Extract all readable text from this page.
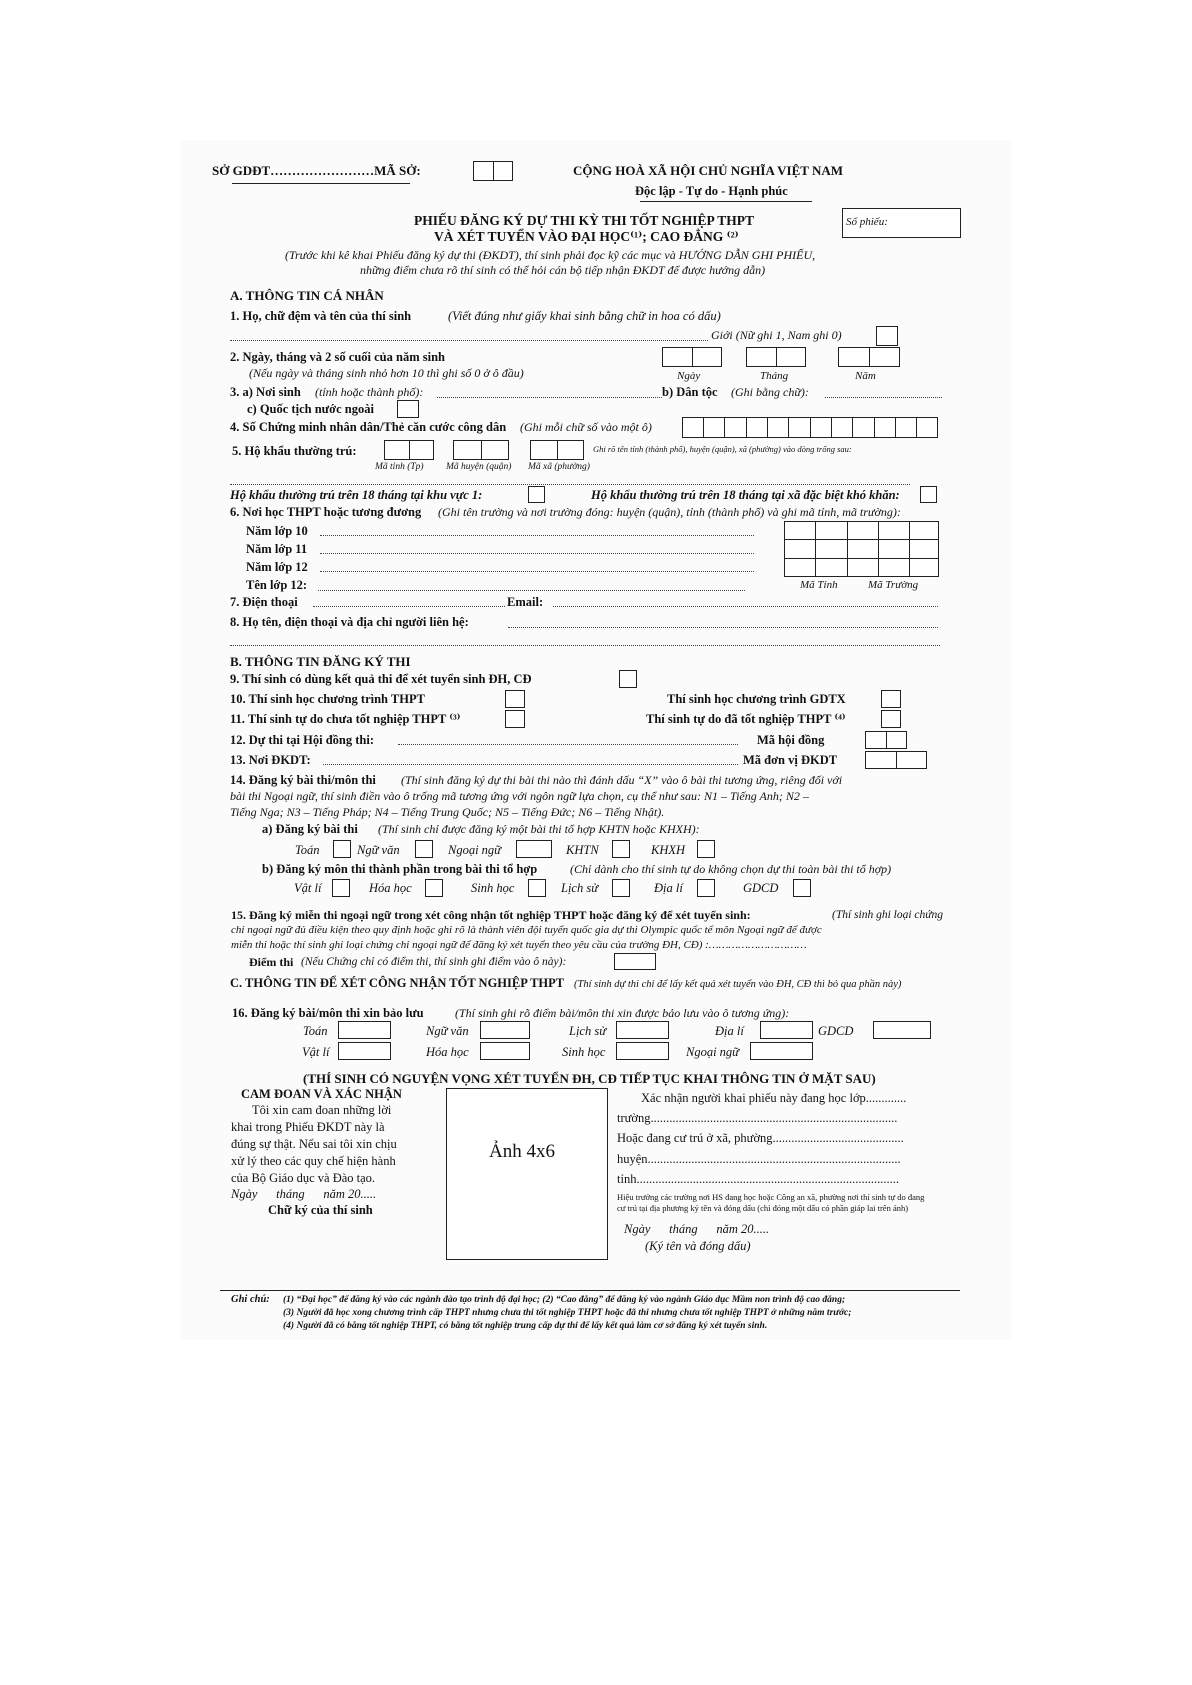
SỞ GDĐT……………………MÃ SỞ:	CỘNG HOÀ XÃ HỘI CHỦ NGHĨA VIỆT NAM
Độc lập - Tự do - Hạnh phúc
PHIẾU ĐĂNG KÝ DỰ THI KỲ THI TỐT NGHIỆP THPT
VÀ XÉT TUYỂN VÀO ĐẠI HỌC⁽¹⁾; CAO ĐẲNG ⁽²⁾
Số phiếu:
(Trước khi kê khai Phiếu đăng ký dự thi (ĐKDT), thí sinh phải đọc kỹ các mục và HƯỚNG DẪN GHI PHIẾU,
những điểm chưa rõ thí sinh có thể hỏi cán bộ tiếp nhận ĐKDT để được hướng dẫn)
A. THÔNG TIN CÁ NHÂN
1. Họ, chữ đệm và tên của thí sinh	(Viết đúng như giấy khai sinh bằng chữ in hoa có dấu)
Giới (Nữ ghi 1, Nam ghi 0)
2. Ngày, tháng và 2 số cuối của năm sinh
(Nếu ngày và tháng sinh nhỏ hơn 10 thì ghi số 0 ở ô đầu)	Ngày	Tháng	Năm
3. a) Nơi sinh (tỉnh hoặc thành phố):	b) Dân tộc (Ghi bằng chữ):
c) Quốc tịch nước ngoài
4. Số Chứng minh nhân dân/Thẻ căn cước công dân (Ghi mỗi chữ số vào một ô)
5. Hộ khẩu thường trú:	Ghi rõ tên tỉnh (thành phố), huyện (quận), xã (phường) vào dòng trống sau:
Mã tỉnh (Tp) Mã huyện (quận) Mã xã (phường)
Hộ khẩu thường trú trên 18 tháng tại khu vực 1:	Hộ khẩu thường trú trên 18 tháng tại xã đặc biệt khó khăn:
6. Nơi học THPT hoặc tương đương (Ghi tên trường và nơi trường đóng: huyện (quận), tỉnh (thành phố) và ghi mã tỉnh, mã trường):
Năm lớp 10
Năm lớp 11
Năm lớp 12
Tên lớp 12:	Mã Tỉnh	Mã Trường
7. Điện thoại	Email:
8. Họ tên, điện thoại và địa chỉ người liên hệ:
B. THÔNG TIN ĐĂNG KÝ THI
9. Thí sinh có dùng kết quả thi để xét tuyển sinh ĐH, CĐ
10. Thí sinh học chương trình THPT	Thí sinh học chương trình GDTX
11. Thí sinh tự do chưa tốt nghiệp THPT ⁽³⁾	Thí sinh tự do đã tốt nghiệp THPT ⁽⁴⁾
12. Dự thi tại Hội đồng thi:	Mã hội đồng
13. Nơi ĐKDT:	Mã đơn vị ĐKDT
14. Đăng ký bài thi/môn thi (Thí sinh đăng ký dự thi bài thi nào thì đánh dấu “X” vào ô bài thi tương ứng, riêng đối với
bài thi Ngoại ngữ, thí sinh điền vào ô trống mã tương ứng với ngôn ngữ lựa chọn, cụ thể như sau: N1 – Tiếng Anh; N2 –
Tiếng Nga; N3 – Tiếng Pháp; N4 – Tiếng Trung Quốc; N5 – Tiếng Đức; N6 – Tiếng Nhật).
a) Đăng ký bài thi (Thí sinh chỉ được đăng ký một bài thi tổ hợp KHTN hoặc KHXH):
Toán	Ngữ văn	Ngoại ngữ	KHTN	KHXH
b) Đăng ký môn thi thành phần trong bài thi tổ hợp	(Chỉ dành cho thí sinh tự do không chọn dự thi toàn bài thi tổ hợp)
Vật lí	Hóa học	Sinh học	Lịch sử	Địa lí	GDCD
15. Đăng ký miễn thi ngoại ngữ trong xét công nhận tốt nghiệp THPT hoặc đăng ký để xét tuyển sinh:	(Thí sinh ghi loại chứng
chỉ ngoại ngữ đủ điều kiện theo quy định hoặc ghi rõ là thành viên đội tuyển quốc gia dự thi Olympic quốc tế môn Ngoại ngữ để được
miễn thi hoặc thí sinh ghi loại chứng chỉ ngoại ngữ để đăng ký xét tuyển theo yêu cầu của trường ĐH, CĐ) :…………………………
Điểm thi (Nếu Chứng chỉ có điểm thi, thí sinh ghi điểm vào ô này):
C. THÔNG TIN ĐỂ XÉT CÔNG NHẬN TỐT NGHIỆP THPT (Thí sinh dự thi chỉ để lấy kết quả xét tuyển vào ĐH, CĐ thì bỏ qua phần này)
16. Đăng ký bài/môn thi xin bảo lưu	(Thí sinh ghi rõ điểm bài/môn thi xin được bảo lưu vào ô tương ứng):
Toán	Ngữ văn	Lịch sử	Địa lí	GDCD
Vật lí	Hóa học	Sinh học	Ngoại ngữ
(THÍ SINH CÓ NGUYỆN VỌNG XÉT TUYỂN ĐH, CĐ TIẾP TỤC KHAI THÔNG TIN Ở MẶT SAU)
CAM ĐOAN VÀ XÁC NHẬN
Tôi xin cam đoan những lời
khai trong Phiếu ĐKDT này là
đúng sự thật. Nếu sai tôi xin chịu
xử lý theo các quy chế hiện hành
của Bộ Giáo dục và Đào tạo.
Ngày      tháng      năm 20.....
Chữ ký của thí sinh
Ảnh 4x6
Xác nhận người khai phiếu này đang học lớp.............
trường...............................................................................
Hoặc đang cư trú ở xã, phường..........................................
huyện.................................................................................
tỉnh....................................................................................
Hiệu trưởng các trường nơi HS đang học hoặc Công an xã, phường nơi thí sinh tự do đang
cư trú tại địa phương ký tên và đóng dấu (chỉ đóng một dấu có phần giáp lai trên ảnh)
Ngày      tháng      năm 20.....
(Ký tên và đóng dấu)
Ghi chú: (1) “Đại học” để đăng ký vào các ngành đào tạo trình độ đại học; (2) “Cao đẳng” để đăng ký vào ngành Giáo dục Mầm non trình độ cao đẳng;
(3) Người đã học xong chương trình cấp THPT nhưng chưa thi tốt nghiệp THPT hoặc đã thi nhưng chưa tốt nghiệp THPT ở những năm trước;
(4) Người đã có bằng tốt nghiệp THPT, có bằng tốt nghiệp trung cấp dự thi để lấy kết quả làm cơ sở đăng ký xét tuyển sinh.
